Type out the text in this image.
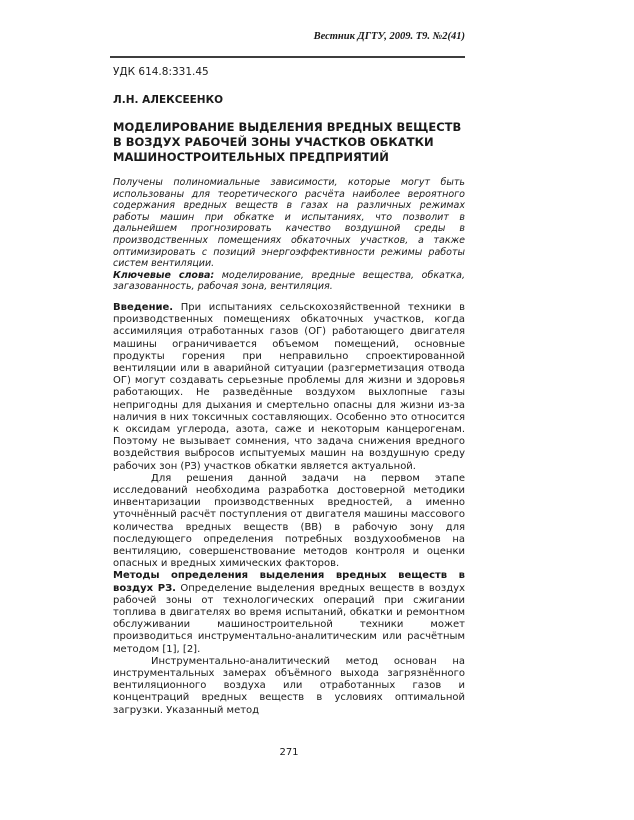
Вестник ДГТУ, 2009. Т9. №2(41)

УДК 614.8:331.45

Л.Н. АЛЕКСЕЕНКО

МОДЕЛИРОВАНИЕ ВЫДЕЛЕНИЯ ВРЕДНЫХ ВЕЩЕСТВ
В ВОЗДУХ РАБОЧЕЙ ЗОНЫ УЧАСТКОВ ОБКАТКИ
МАШИНОСТРОИТЕЛЬНЫХ ПРЕДПРИЯТИЙ

Получены полиномиальные зависимости, которые могут быть использованы для теоретического расчёта наиболее вероятного содержания вредных веществ в газах на различных режимах работы машин при обкатке и испытаниях, что позволит в дальнейшем прогнозировать качество воздушной среды в производственных помещениях обкаточных участков, а также оптимизировать с позиций энергоэффективности режимы работы систем вентиляции.

Ключевые слова: моделирование, вредные вещества, обкатка, загазованность, рабочая зона, вентиляция.

Введение. При испытаниях сельскохозяйственной техники в производственных помещениях обкаточных участков, когда ассимиляция отработанных газов (ОГ) работающего двигателя машины ограничивается объемом помещений, основные продукты горения при неправильно спроектированной вентиляции или в аварийной ситуации (разгерметизация отвода ОГ) могут создавать серьезные проблемы для жизни и здоровья работающих. Не разведённые воздухом выхлопные газы непригодны для дыхания и смертельно опасны для жизни из-за наличия в них токсичных составляющих. Особенно это относится к оксидам углерода, азота, саже и некоторым канцерогенам. Поэтому не вызывает сомнения, что задача снижения вредного воздействия выбросов испытуемых машин на воздушную среду рабочих зон (РЗ) участков обкатки является актуальной.

Для решения данной задачи на первом этапе исследований необходима разработка достоверной методики инвентаризации производственных вредностей, а именно уточнённый расчёт поступления от двигателя машины массового количества вредных веществ (ВВ) в рабочую зону для последующего определения потребных воздухообменов на вентиляцию, совершенствование методов контроля и оценки опасных и вредных химических факторов.

Методы определения выделения вредных веществ в воздух РЗ. Определение выделения вредных веществ в воздух рабочей зоны от технологических операций при сжигании топлива в двигателях во время испытаний, обкатки и ремонтном обслуживании машиностроительной техники может производиться инструментально-аналитическим или расчётным методом [1], [2].

Инструментально-аналитический метод основан на инструментальных замерах объёмного выхода загрязнённого вентиляционного воздуха или отработанных газов и концентраций вредных веществ в условиях оптимальной загрузки. Указанный метод

271
